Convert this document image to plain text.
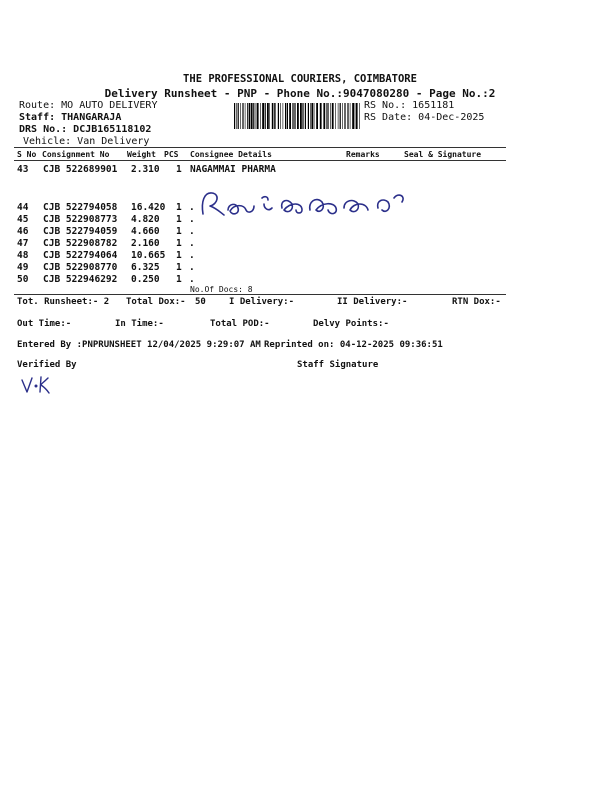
THE PROFESSIONAL COURIERS, COIMBATORE
Delivery Runsheet - PNP - Phone No.:9047080280 - Page No.:2
Route: MO AUTO DELIVERY
Staff: THANGARAJA
DRS No.: DCJB165118102
Vehicle: Van Delivery
RS No.: 1651181
RS Date: 04-Dec-2025
S No Consignment No Weight PCS Consignee Details	Remarks	Seal & Signature
43 CJB 522689901 2.310 1 NAGAMMAI PHARMA
44 CJB 522794058 16.420 1 .
45 CJB 522908773 4.820 1 .
46 CJB 522794059 4.660 1 .
47 CJB 522908782 2.160 1 .
48 CJB 522794064 10.665 1 .
49 CJB 522908770 6.325 1 .
50 CJB 522946292 0.250 1 .
No.Of Docs: 8
Tot. Runsheet:- 2 Total Dox:- 50	I Delivery:-	II Delivery:-	RTN Dox:-
Out Time:-	In Time:-	Total POD:-	Delvy Points:-
Entered By :PNPRUNSHEET 12/04/2025 9:29:07 AM Reprinted on: 04-12-2025 09:36:51
Verified By	Staff Signature
